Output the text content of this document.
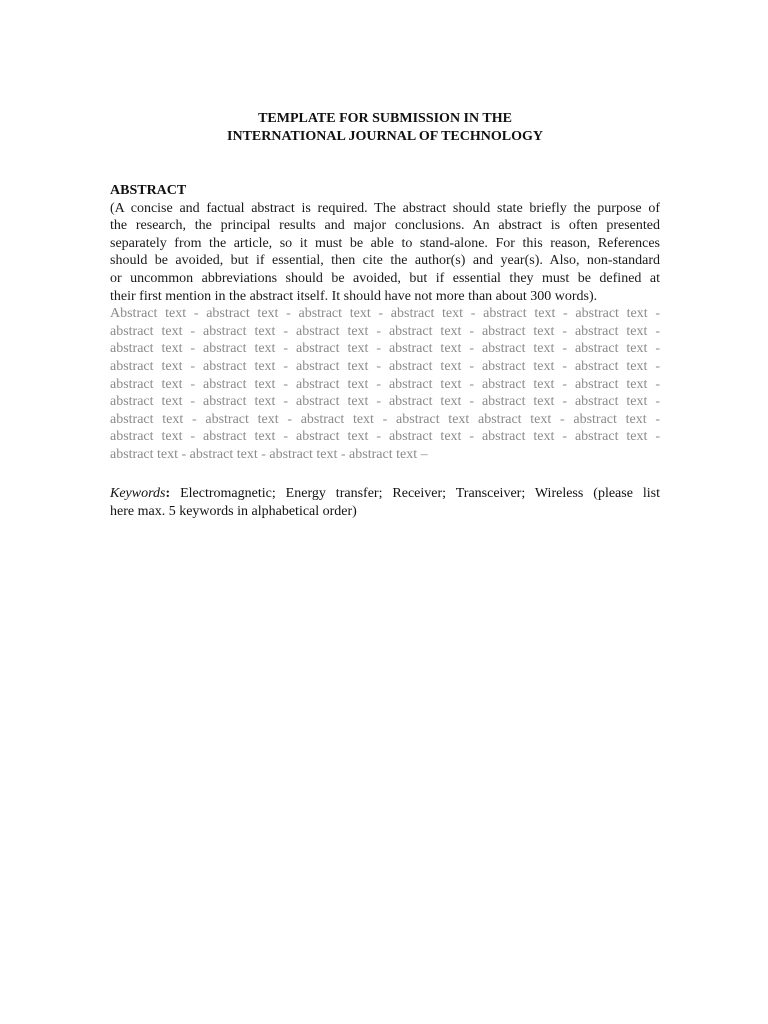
TEMPLATE FOR SUBMISSION IN THE
INTERNATIONAL JOURNAL OF TECHNOLOGY
ABSTRACT
(A concise and factual abstract is required. The abstract should state briefly the purpose of
the research, the principal results and major conclusions. An abstract is often presented
separately from the article, so it must be able to stand-alone. For this reason, References
should be avoided, but if essential, then cite the author(s) and year(s). Also, non-standard
or uncommon abbreviations should be avoided, but if essential they must be defined at
their first mention in the abstract itself. It should have not more than about 300 words).
Abstract text - abstract text - abstract text - abstract text - abstract text - abstract text -
abstract text - abstract text - abstract text - abstract text - abstract text - abstract text -
abstract text - abstract text - abstract text - abstract text - abstract text - abstract text -
abstract text - abstract text - abstract text - abstract text - abstract text - abstract text -
abstract text - abstract text - abstract text - abstract text - abstract text - abstract text -
abstract text - abstract text - abstract text - abstract text - abstract text - abstract text -
abstract text - abstract text - abstract text - abstract text abstract text - abstract text -
abstract text - abstract text - abstract text - abstract text - abstract text - abstract text -
abstract text - abstract text - abstract text - abstract text –
Keywords: Electromagnetic; Energy transfer; Receiver; Transceiver; Wireless (please list
here max. 5 keywords in alphabetical order)
